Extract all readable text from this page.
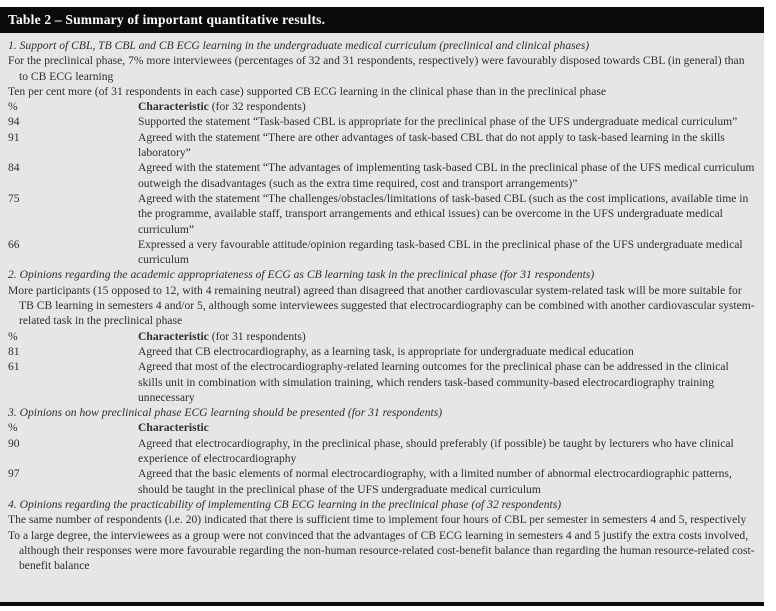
Table 2 – Summary of important quantitative results.
1. Support of CBL, TB CBL and CB ECG learning in the undergraduate medical curriculum (preclinical and clinical phases)
For the preclinical phase, 7% more interviewees (percentages of 32 and 31 respondents, respectively) were favourably disposed towards CBL (in general) than to CB ECG learning
Ten per cent more (of 31 respondents in each case) supported CB ECG learning in the clinical phase than in the preclinical phase
%	Characteristic (for 32 respondents)
94	Supported the statement “Task-based CBL is appropriate for the preclinical phase of the UFS undergraduate medical curriculum”
91	Agreed with the statement “There are other advantages of task-based CBL that do not apply to task-based learning in the skills laboratory”
84	Agreed with the statement “The advantages of implementing task-based CBL in the preclinical phase of the UFS medical curriculum outweigh the disadvantages (such as the extra time required, cost and transport arrangements)”
75	Agreed with the statement “The challenges/obstacles/limitations of task-based CBL (such as the cost implications, available time in the programme, available staff, transport arrangements and ethical issues) can be overcome in the UFS undergraduate medical curriculum”
66	Expressed a very favourable attitude/opinion regarding task-based CBL in the preclinical phase of the UFS undergraduate medical curriculum
2. Opinions regarding the academic appropriateness of ECG as CB learning task in the preclinical phase (for 31 respondents)
More participants (15 opposed to 12, with 4 remaining neutral) agreed than disagreed that another cardiovascular system-related task will be more suitable for TB CB learning in semesters 4 and/or 5, although some interviewees suggested that electrocardiography can be combined with another cardiovascular system-related task in the preclinical phase
%	Characteristic (for 31 respondents)
81	Agreed that CB electrocardiography, as a learning task, is appropriate for undergraduate medical education
61	Agreed that most of the electrocardiography-related learning outcomes for the preclinical phase can be addressed in the clinical skills unit in combination with simulation training, which renders task-based community-based electrocardiography training unnecessary
3. Opinions on how preclinical phase ECG learning should be presented (for 31 respondents)
%	Characteristic
90	Agreed that electrocardiography, in the preclinical phase, should preferably (if possible) be taught by lecturers who have clinical experience of electrocardiography
97	Agreed that the basic elements of normal electrocardiography, with a limited number of abnormal electrocardiographic patterns, should be taught in the preclinical phase of the UFS undergraduate medical curriculum
4. Opinions regarding the practicability of implementing CB ECG learning in the preclinical phase (of 32 respondents)
The same number of respondents (i.e. 20) indicated that there is sufficient time to implement four hours of CBL per semester in semesters 4 and 5, respectively
To a large degree, the interviewees as a group were not convinced that the advantages of CB ECG learning in semesters 4 and 5 justify the extra costs involved, although their responses were more favourable regarding the non-human resource-related cost-benefit balance than regarding the human resource-related cost-benefit balance
